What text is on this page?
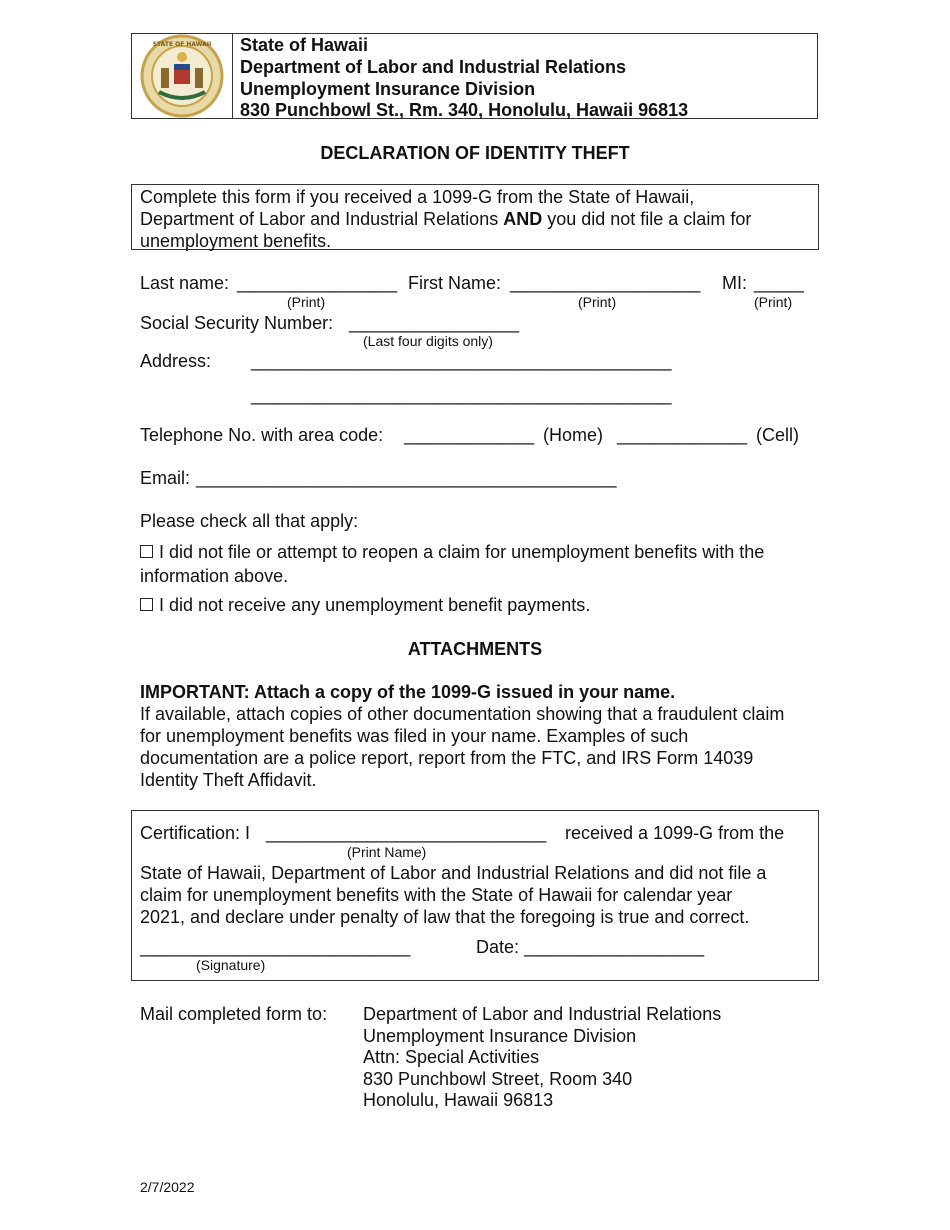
STATE OF HAWAII State of Hawaii
Department of Labor and Industrial Relations
Unemployment Insurance Division
830 Punchbowl St., Rm. 340, Honolulu, Hawaii 96813
DECLARATION OF IDENTITY THEFT
Complete this form if you received a 1099-G from the State of Hawaii,
Department of Labor and Industrial Relations AND you did not file a claim for
unemployment benefits.
Last name: ________________ First Name: ___________________ MI: _____
(Print)	(Print)	(Print)
Social Security Number: _________________
(Last four digits only)
Address: __________________________________________
__________________________________________
Telephone No. with area code: _____________ (Home) _____________ (Cell)
Email: __________________________________________
Please check all that apply:
I did not file or attempt to reopen a claim for unemployment benefits with the
information above.
I did not receive any unemployment benefit payments.
ATTACHMENTS
IMPORTANT: Attach a copy of the 1099-G issued in your name.
If available, attach copies of other documentation showing that a fraudulent claim
for unemployment benefits was filed in your name. Examples of such
documentation are a police report, report from the FTC, and IRS Form 14039
Identity Theft Affidavit.
Certification: I ____________________________ received a 1099-G from the
(Print Name)
State of Hawaii, Department of Labor and Industrial Relations and did not file a
claim for unemployment benefits with the State of Hawaii for calendar year
2021, and declare under penalty of law that the foregoing is true and correct.
___________________________	Date: __________________
(Signature)
Mail completed form to: Department of Labor and Industrial Relations
Unemployment Insurance Division
Attn: Special Activities
830 Punchbowl Street, Room 340
Honolulu, Hawaii 96813
2/7/2022
